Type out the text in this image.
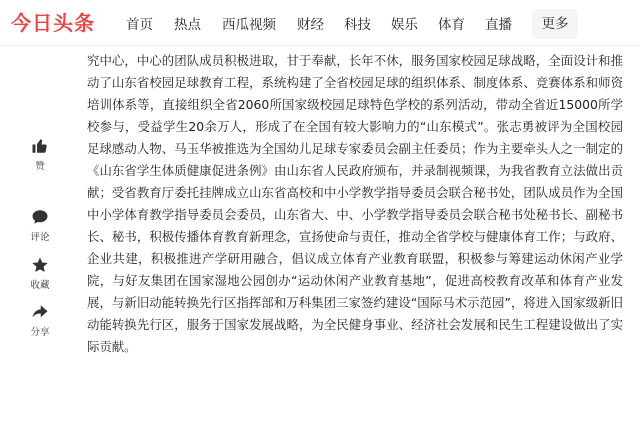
今日头条 首页 热点 西瓜视频 财经 科技 娱乐 体育 直播	更多
赞
评论
收藏
分享

究中心，中心的团队成员积极进取，甘于奉献，长年不休，服务国家校园足球战略，全面设计和推动了山东省校园足球教育工程，系统构建了全省校园足球的组织体系、制度体系、竞赛体系和师资培训体系等，直接组织全省2060所国家级校园足球特色学校的系列活动，带动全省近15000所学校参与，受益学生20余万人，形成了在全国有较大影响力的“山东模式”。张志勇被评为全国校园足球感动人物、马玉华被推选为全国幼儿足球专家委员会副主任委员；作为主要牵头人之一制定的《山东省学生体质健康促进条例》由山东省人民政府颁布，并录制视频课，为我省教育立法做出贡献；受省教育厅委托挂牌成立山东省高校和中小学教学指导委员会联合秘书处，团队成员作为全国中小学体育教学指导委员会委员，山东省大、中、小学教学指导委员会联合秘书处秘书长、副秘书长、秘书，积极传播体育教育新理念，宣扬使命与责任，推动全省学校与健康体育工作；与政府、企业共建，积极推进产学研用融合，倡议成立体育产业教育联盟，积极参与筹建运动休闲产业学院，与好友集团在国家湿地公园创办“运动休闲产业教育基地”，促进高校教育改革和体育产业发展，与新旧动能转换先行区指挥部和万科集团三家签约建设“国际马术示范园”，将进入国家级新旧动能转换先行区，服务于国家发展战略，为全民健身事业、经济社会发展和民生工程建设做出了实际贡献。
